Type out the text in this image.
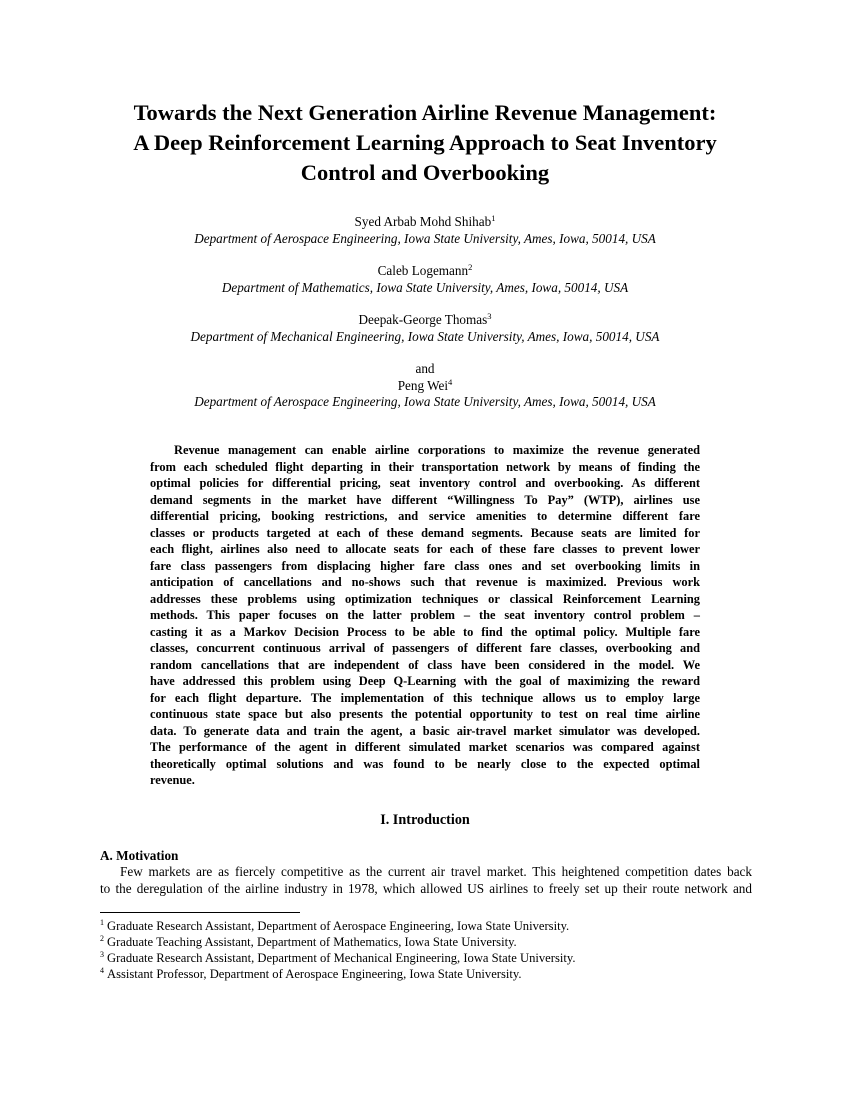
Towards the Next Generation Airline Revenue Management:
A Deep Reinforcement Learning Approach to Seat Inventory
Control and Overbooking
Syed Arbab Mohd Shihab$^1$
Department of Aerospace Engineering, Iowa State University, Ames, Iowa, 50014, USA
Caleb Logemann$^2$
Department of Mathematics, Iowa State University, Ames, Iowa, 50014, USA
Deepak-George Thomas$^3$
Department of Mechanical Engineering, Iowa State University, Ames, Iowa, 50014, USA
and
Peng Wei$^4$
Department of Aerospace Engineering, Iowa State University, Ames, Iowa, 50014, USA
Revenue management can enable airline corporations to maximize the revenue generated
from each scheduled flight departing in their transportation network by means of finding the
optimal policies for differential pricing, seat inventory control and overbooking. As different
demand segments in the market have different “Willingness To Pay” (WTP), airlines use
differential pricing, booking restrictions, and service amenities to determine different fare
classes or products targeted at each of these demand segments. Because seats are limited for
each flight, airlines also need to allocate seats for each of these fare classes to prevent lower
fare class passengers from displacing higher fare class ones and set overbooking limits in
anticipation of cancellations and no-shows such that revenue is maximized. Previous work
addresses these problems using optimization techniques or classical Reinforcement Learning
methods. This paper focuses on the latter problem – the seat inventory control problem –
casting it as a Markov Decision Process to be able to find the optimal policy. Multiple fare
classes, concurrent continuous arrival of passengers of different fare classes, overbooking and
random cancellations that are independent of class have been considered in the model. We
have addressed this problem using Deep Q-Learning with the goal of maximizing the reward
for each flight departure. The implementation of this technique allows us to employ large
continuous state space but also presents the potential opportunity to test on real time airline
data. To generate data and train the agent, a basic air-travel market simulator was developed.
The performance of the agent in different simulated market scenarios was compared against
theoretically optimal solutions and was found to be nearly close to the expected optimal
revenue.
I. Introduction
A. Motivation
Few markets are as fiercely competitive as the current air travel market. This heightened competition dates back
to the deregulation of the airline industry in 1978, which allowed US airlines to freely set up their route network and
$^1$ Graduate Research Assistant, Department of Aerospace Engineering, Iowa State University.
$^2$ Graduate Teaching Assistant, Department of Mathematics, Iowa State University.
$^3$ Graduate Research Assistant, Department of Mechanical Engineering, Iowa State University.
$^4$ Assistant Professor, Department of Aerospace Engineering, Iowa State University.
